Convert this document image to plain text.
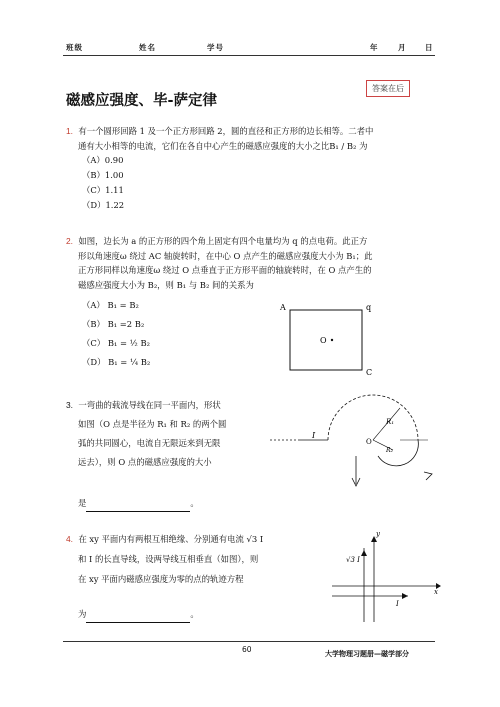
班级	姓名	学号	年	月 日
答案在后
磁感应强度、毕-萨定律
1. 有一个圆形回路 1 及一个正方形回路 2，圆的直径和正方形的边长相等。二者中
通有大小相等的电流，它们在各自中心产生的磁感应强度的大小之比B₁ / B₂ 为
（A）0.90
（B）1.00
（C）1.11
（D）1.22
2. 如图，边长为 a 的正方形的四个角上固定有四个电量均为 q 的点电荷。此正方
形以角速度ω 绕过 AC 轴旋转时，在中心 O 点产生的磁感应强度大小为 B₁；此
正方形同样以角速度ω 绕过 O 点垂直于正方形平面的轴旋转时，在 O 点产生的
磁感应强度大小为 B₂，则 B₁ 与 B₂ 间的关系为
（A） B₁ = B₂
（B） B₁ =2 B₂
（C） B₁ = ½ B₂
（D） B₁ = ¼ B₂
A	q
O
C
3. 一弯曲的载流导线在同一平面内，形状
如图（O 点是半径为 R₁ 和 R₂ 的两个圆
弧的共同圆心，电流自无限远来到无限
远去），则 O 点的磁感应强度的大小
是	。
I
R₁
R₂
O
4. 在 xy 平面内有两根互相绝缘、分别通有电流 √3 I
和 I 的长直导线，设两导线互相垂直（如图），则
在 xy 平面内磁感应强度为零的点的轨迹方程
为	。
y
x
√3 I
I
60	大学物理习题册—磁学部分
